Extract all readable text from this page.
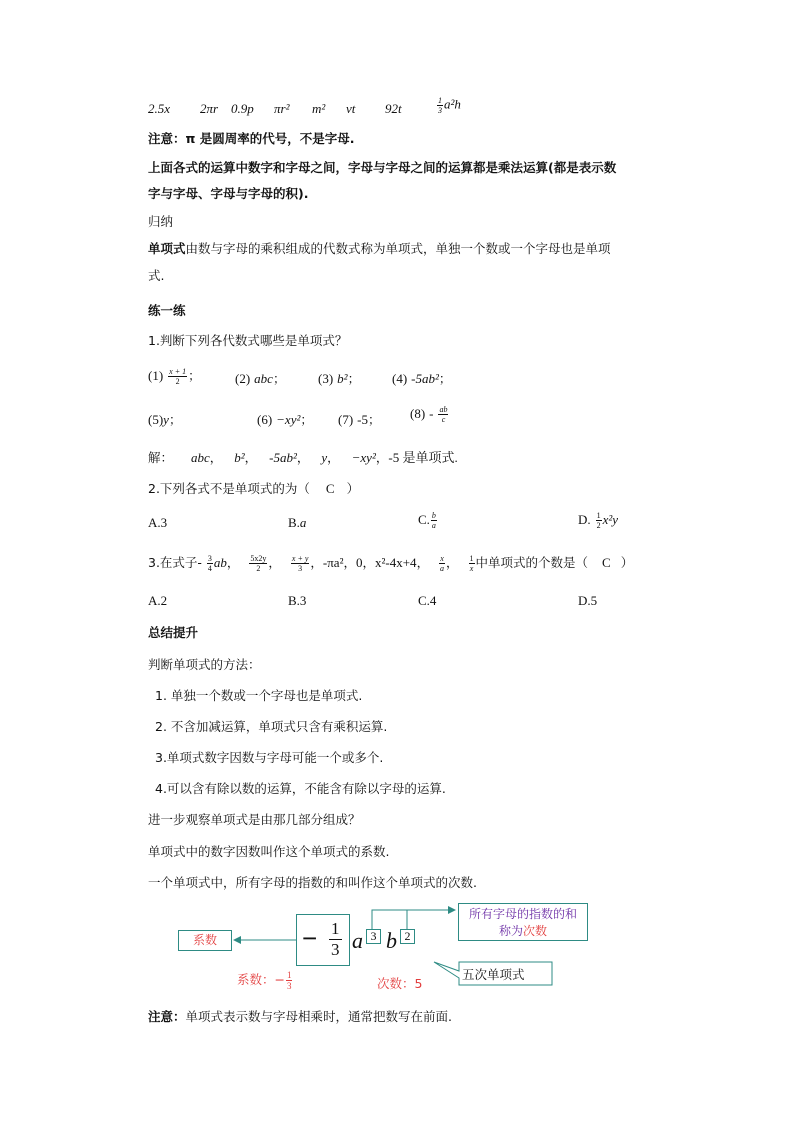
2.5x 2πr 0.9p πr² m² vt 92t	$\frac{1}{3} a^2h$
注意：π 是圆周率的代号，不是字母.
上面各式的运算中数字和字母之间，字母与字母之间的运算都是乘法运算(都是表示数
字与字母、字母与字母的积).
归纳
单项式由数与字母的乘积组成的代数式称为单项式，单独一个数或一个字母也是单项
式.
练一练
1.判断下列各代数式哪些是单项式？
$(1) \frac{x + 1}{2}$ ；	(2) abc；	(3) b²； (4) -5ab²；
(5)y；	(6) −xy²； (7) -5； $(8) - \frac{ab}{c}$
解： abc， b²， -5ab²， y， −xy²，-5 是单项式.
2.下列各式不是单项式的为（ C ）
A.3	B.a	C. $\frac{b}{a}$	D. $\frac{1}{2} x^2y$
3.在式子- $\frac{3}{4}$ ab， $\frac{5x2y}{2}$ ， $\frac{x + y}{3}$ ，-πa²，0，x²-4x+4， $\frac{x}{a}$ ， $\frac{1}{x}$ 中单项式的个数是（ C ）
A.2	B.3	C.4	D.5
总结提升
判断单项式的方法：
1. 单独一个数或一个字母也是单项式.
2. 不含加减运算，单项式只含有乘积运算.
3.单项式数字因数与字母可能一个或多个.
4.可以含有除以数的运算，不能含有除以字母的运算.
进一步观察单项式是由那几部分组成？
单项式中的数字因数叫作这个单项式的系数.
一个单项式中，所有字母的指数的和叫作这个单项式的次数.
系数	− $\frac{1}{3}$ a 3 b 2
所有字母的指数的和
称为次数
系数：− $\frac{1}{3}$	次数：5
五次单项式
注意：单项式表示数与字母相乘时，通常把数写在前面.
